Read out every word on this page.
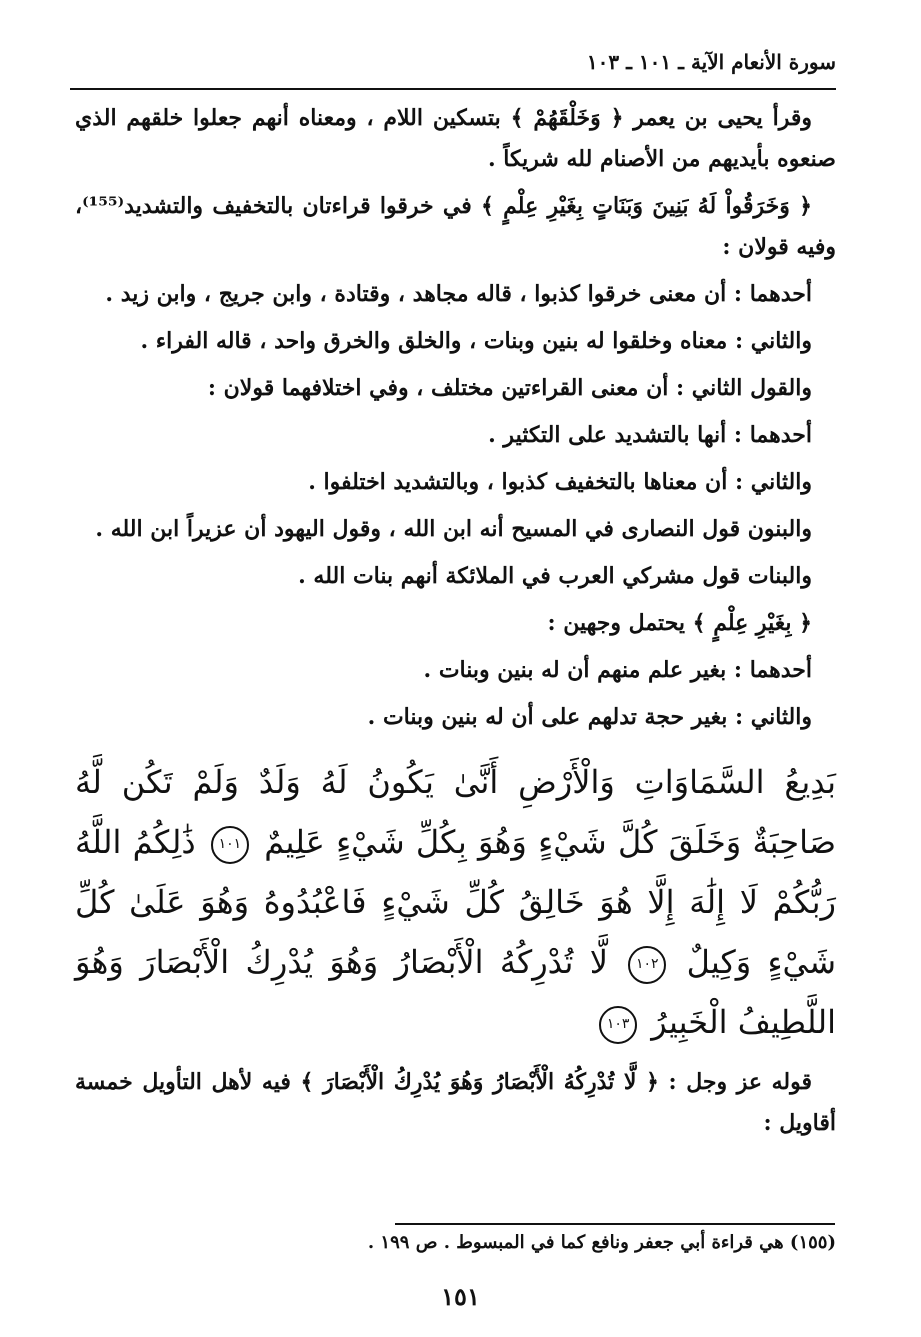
سورة الأنعام الآية ـ ١٠١ ـ ١٠٣

وقرأ يحيى بن يعمر ﴿ وَخَلْقَهُمْ ﴾ بتسكين اللام ، ومعناه أنهم جعلوا خلقهم الذي صنعوه بأيديهم من الأصنام لله شريكاً .

﴿ وَخَرَقُواْ لَهُ بَنِينَ وَبَنَاتٍ بِغَيْرِ عِلْمٍ ﴾ في خرقوا قراءتان بالتخفيف والتشديد⁽¹⁵⁵⁾، وفيه قولان :

أحدهما : أن معنى خرقوا كذبوا ، قاله مجاهد ، وقتادة ، وابن جريج ، وابن زيد .

والثاني : معناه وخلقوا له بنين وبنات ، والخلق والخرق واحد ، قاله الفراء .

والقول الثاني : أن معنى القراءتين مختلف ، وفي اختلافهما قولان :

أحدهما : أنها بالتشديد على التكثير .

والثاني : أن معناها بالتخفيف كذبوا ، وبالتشديد اختلفوا .

والبنون قول النصارى في المسيح أنه ابن الله ، وقول اليهود أن عزيراً ابن الله .

والبنات قول مشركي العرب في الملائكة أنهم بنات الله .

﴿ بِغَيْرِ عِلْمٍ ﴾ يحتمل وجهين :

أحدهما : بغير علم منهم أن له بنين وبنات .

والثاني : بغير حجة تدلهم على أن له بنين وبنات .

بَدِيعُ السَّمَاوَاتِ وَالْأَرْضِ أَنَّىٰ يَكُونُ لَهُ وَلَدٌ وَلَمْ تَكُن لَّهُ صَاحِبَةٌ وَخَلَقَ كُلَّ شَيْءٍ وَهُوَ بِكُلِّ شَيْءٍ عَلِيمٌ ١٠١ ذَٰلِكُمُ اللَّهُ رَبُّكُمْ لَا إِلَٰهَ إِلَّا هُوَ خَالِقُ كُلِّ شَيْءٍ فَاعْبُدُوهُ وَهُوَ عَلَىٰ كُلِّ شَيْءٍ وَكِيلٌ ١٠٢ لَّا تُدْرِكُهُ الْأَبْصَارُ وَهُوَ يُدْرِكُ الْأَبْصَارَ وَهُوَ اللَّطِيفُ الْخَبِيرُ ١٠٣

قوله عز وجل : ﴿ لَّا تُدْرِكُهُ الْأَبْصَارُ وَهُوَ يُدْرِكُ الْأَبْصَارَ ﴾ فيه لأهل التأويل خمسة أقاويل :

(١٥٥) هي قراءة أبي جعفر ونافع كما في المبسوط . ص ١٩٩ .
١٥١
